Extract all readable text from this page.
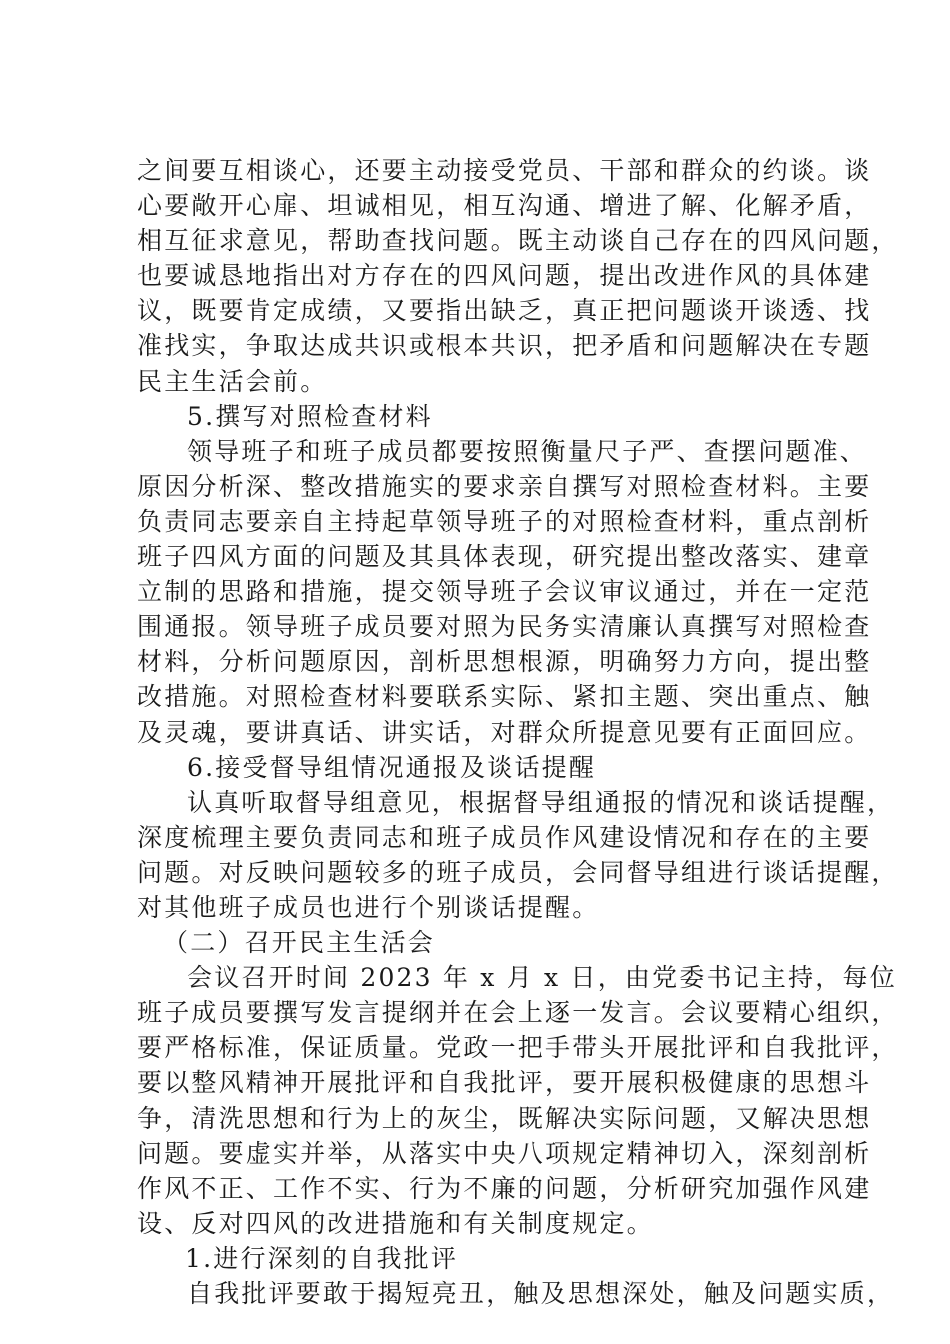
之间要互相谈心，还要主动接受党员、干部和群众的约谈。谈
心要敞开心扉、坦诚相见，相互沟通、增进了解、化解矛盾，
相互征求意见，帮助查找问题。既主动谈自己存在的四风问题，
也要诚恳地指出对方存在的四风问题，提出改进作风的具体建
议，既要肯定成绩，又要指出缺乏，真正把问题谈开谈透、找
准找实，争取达成共识或根本共识，把矛盾和问题解决在专题
民主生活会前。
5.撰写对照检查材料
领导班子和班子成员都要按照衡量尺子严、查摆问题准、
原因分析深、整改措施实的要求亲自撰写对照检查材料。主要
负责同志要亲自主持起草领导班子的对照检查材料，重点剖析
班子四风方面的问题及其具体表现，研究提出整改落实、建章
立制的思路和措施，提交领导班子会议审议通过，并在一定范
围通报。领导班子成员要对照为民务实清廉认真撰写对照检查
材料，分析问题原因，剖析思想根源，明确努力方向，提出整
改措施。对照检查材料要联系实际、紧扣主题、突出重点、触
及灵魂，要讲真话、讲实话，对群众所提意见要有正面回应。
6.接受督导组情况通报及谈话提醒
认真听取督导组意见，根据督导组通报的情况和谈话提醒，
深度梳理主要负责同志和班子成员作风建设情况和存在的主要
问题。对反映问题较多的班子成员，会同督导组进行谈话提醒，
对其他班子成员也进行个别谈话提醒。
（二）召开民主生活会
会议召开时间 2023 年 x 月 x 日，由党委书记主持，每位
班子成员要撰写发言提纲并在会上逐一发言。会议要精心组织，
要严格标准，保证质量。党政一把手带头开展批评和自我批评，
要以整风精神开展批评和自我批评，要开展积极健康的思想斗
争，清洗思想和行为上的灰尘，既解决实际问题，又解决思想
问题。要虚实并举，从落实中央八项规定精神切入，深刻剖析
作风不正、工作不实、行为不廉的问题，分析研究加强作风建
设、反对四风的改进措施和有关制度规定。
1.进行深刻的自我批评
自我批评要敢于揭短亮丑，触及思想深处，触及问题实质，
